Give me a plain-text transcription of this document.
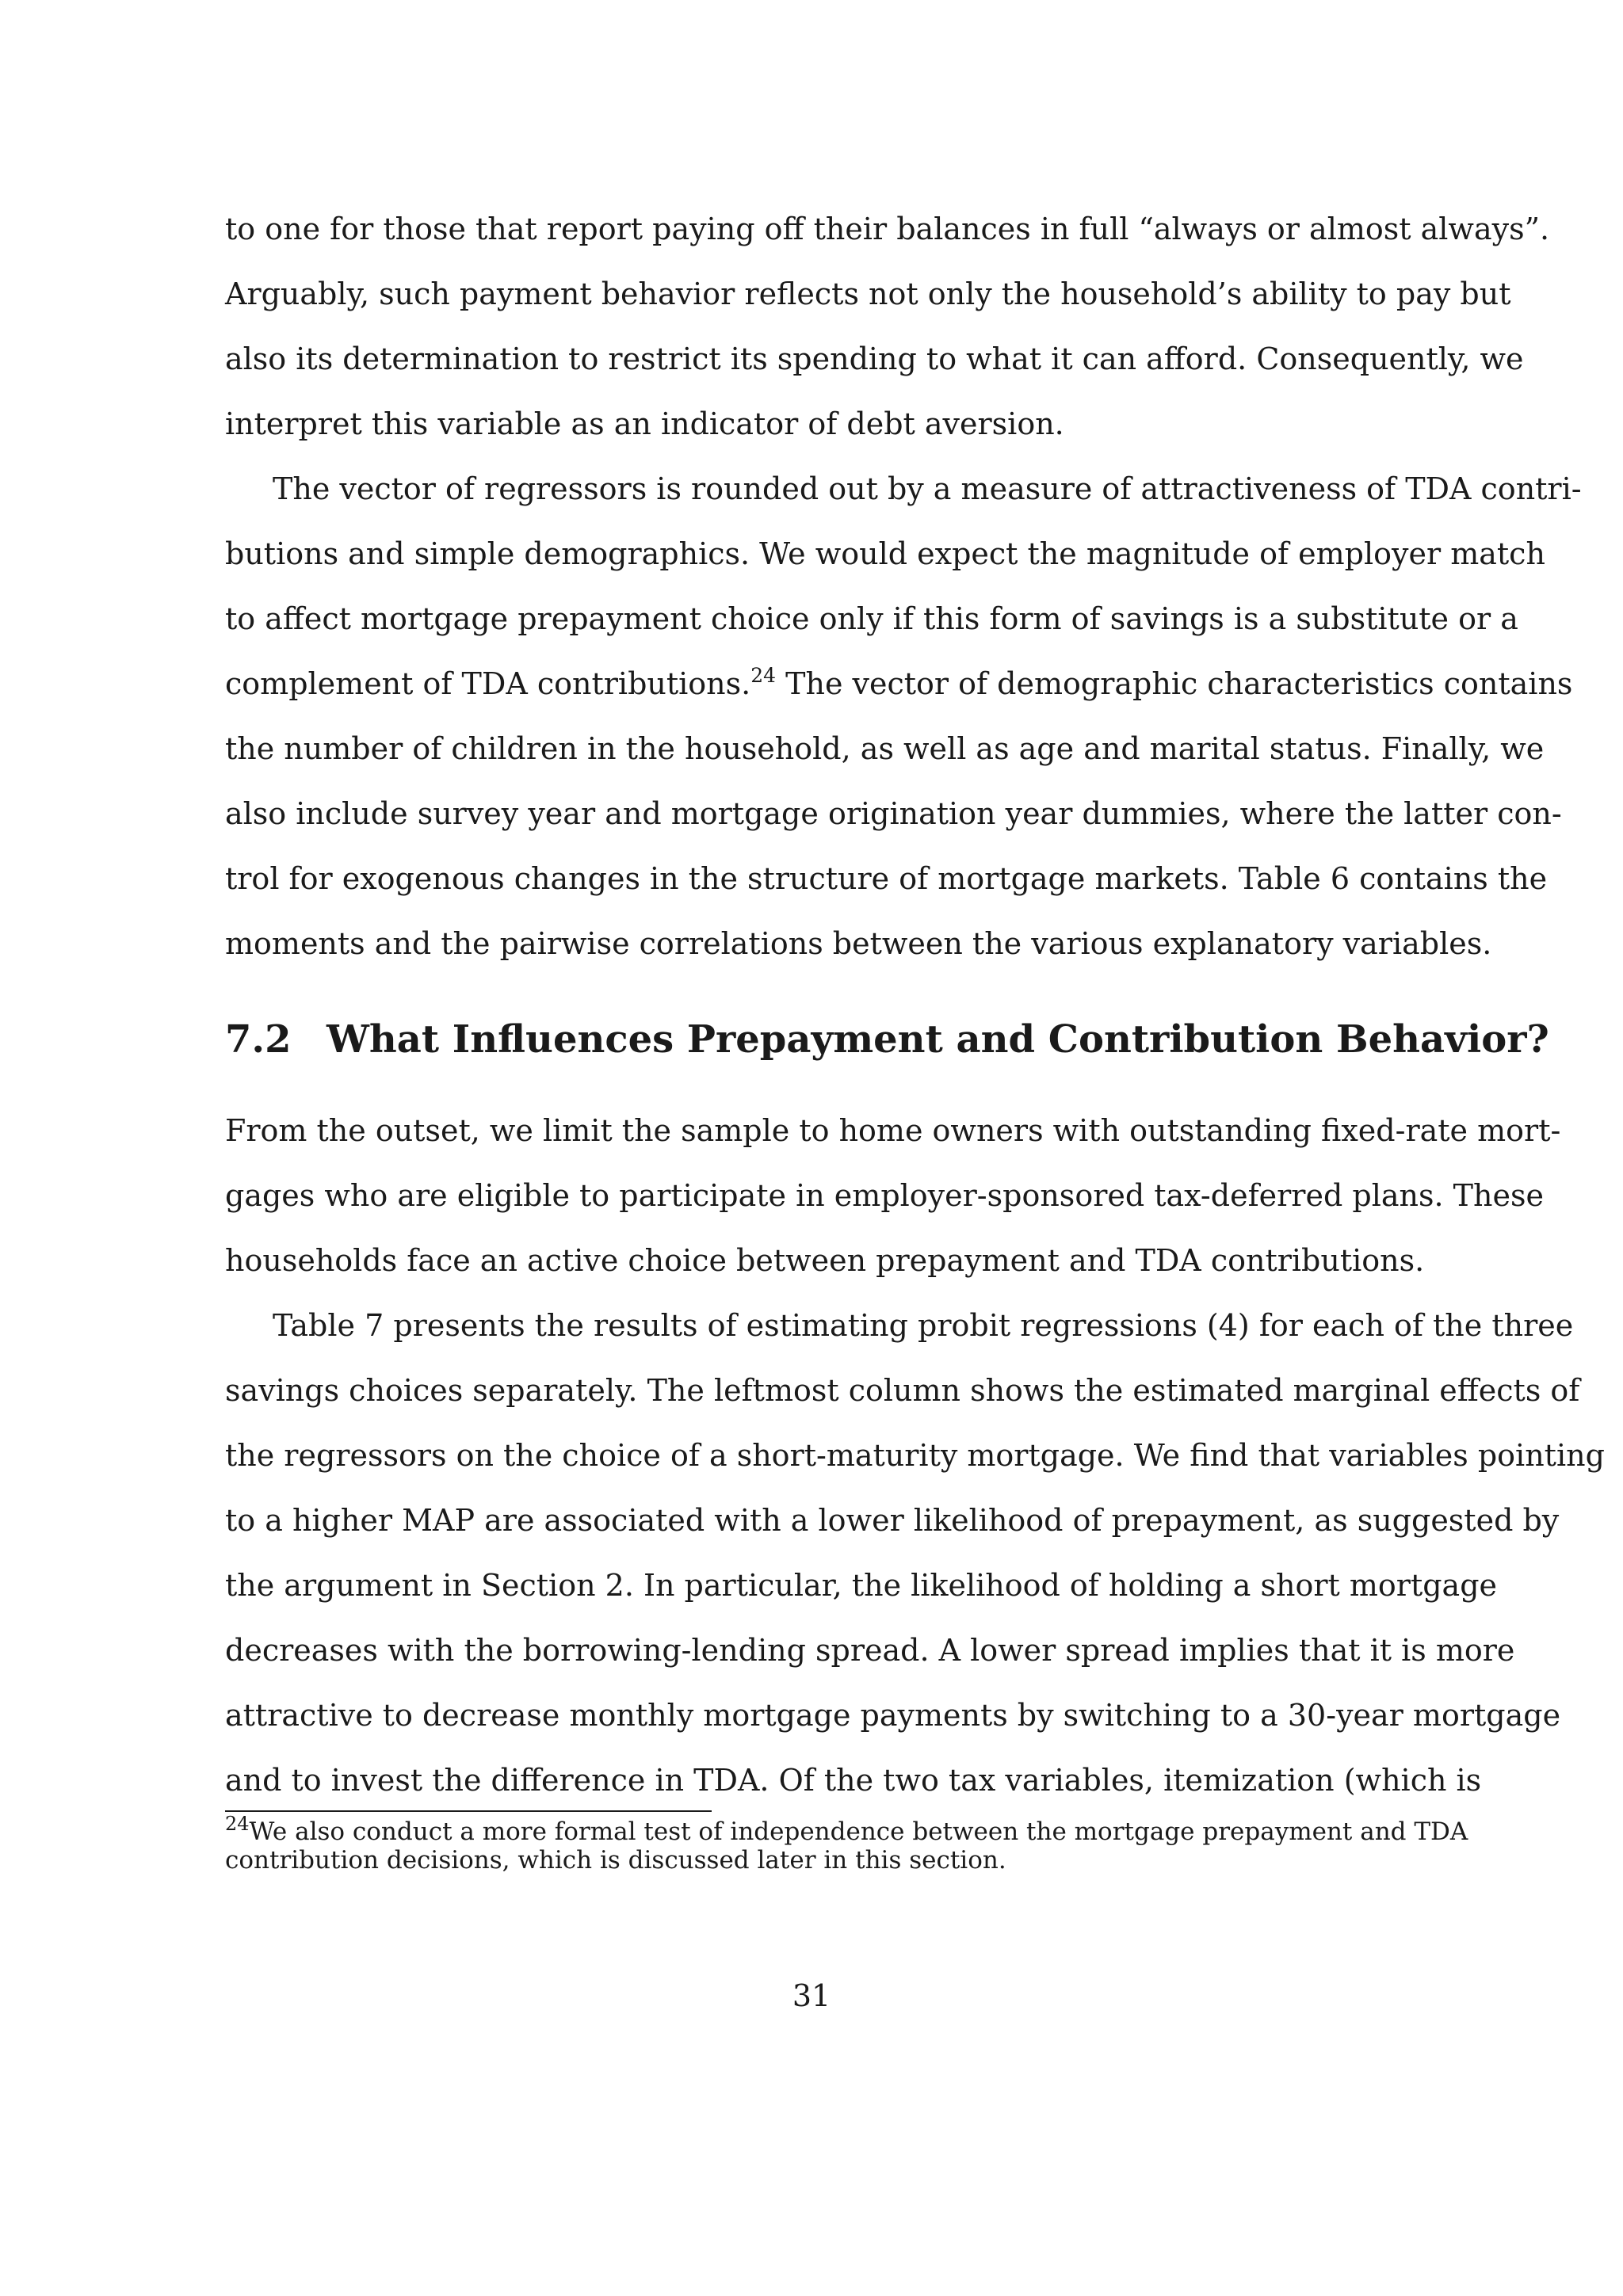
to one for those that report paying off their balances in full “always or almost always”.
Arguably, such payment behavior reflects not only the household’s ability to pay but
also its determination to restrict its spending to what it can afford. Consequently, we
interpret this variable as an indicator of debt aversion.
The vector of regressors is rounded out by a measure of attractiveness of TDA contri-
butions and simple demographics. We would expect the magnitude of employer match
to affect mortgage prepayment choice only if this form of savings is a substitute or a
complement of TDA contributions.$^{24}$ The vector of demographic characteristics contains
the number of children in the household, as well as age and marital status. Finally, we
also include survey year and mortgage origination year dummies, where the latter con-
trol for exogenous changes in the structure of mortgage markets. Table 6 contains the
moments and the pairwise correlations between the various explanatory variables.
7.2 What Influences Prepayment and Contribution Behavior?
From the outset, we limit the sample to home owners with outstanding fixed-rate mort-
gages who are eligible to participate in employer-sponsored tax-deferred plans. These
households face an active choice between prepayment and TDA contributions.
Table 7 presents the results of estimating probit regressions (4) for each of the three
savings choices separately. The leftmost column shows the estimated marginal effects of
the regressors on the choice of a short-maturity mortgage. We find that variables pointing
to a higher MAP are associated with a lower likelihood of prepayment, as suggested by
the argument in Section 2. In particular, the likelihood of holding a short mortgage
decreases with the borrowing-lending spread. A lower spread implies that it is more
attractive to decrease monthly mortgage payments by switching to a 30-year mortgage
and to invest the difference in TDA. Of the two tax variables, itemization (which is
$^{24}$We also conduct a more formal test of independence between the mortgage prepayment and TDA
contribution decisions, which is discussed later in this section.
31
